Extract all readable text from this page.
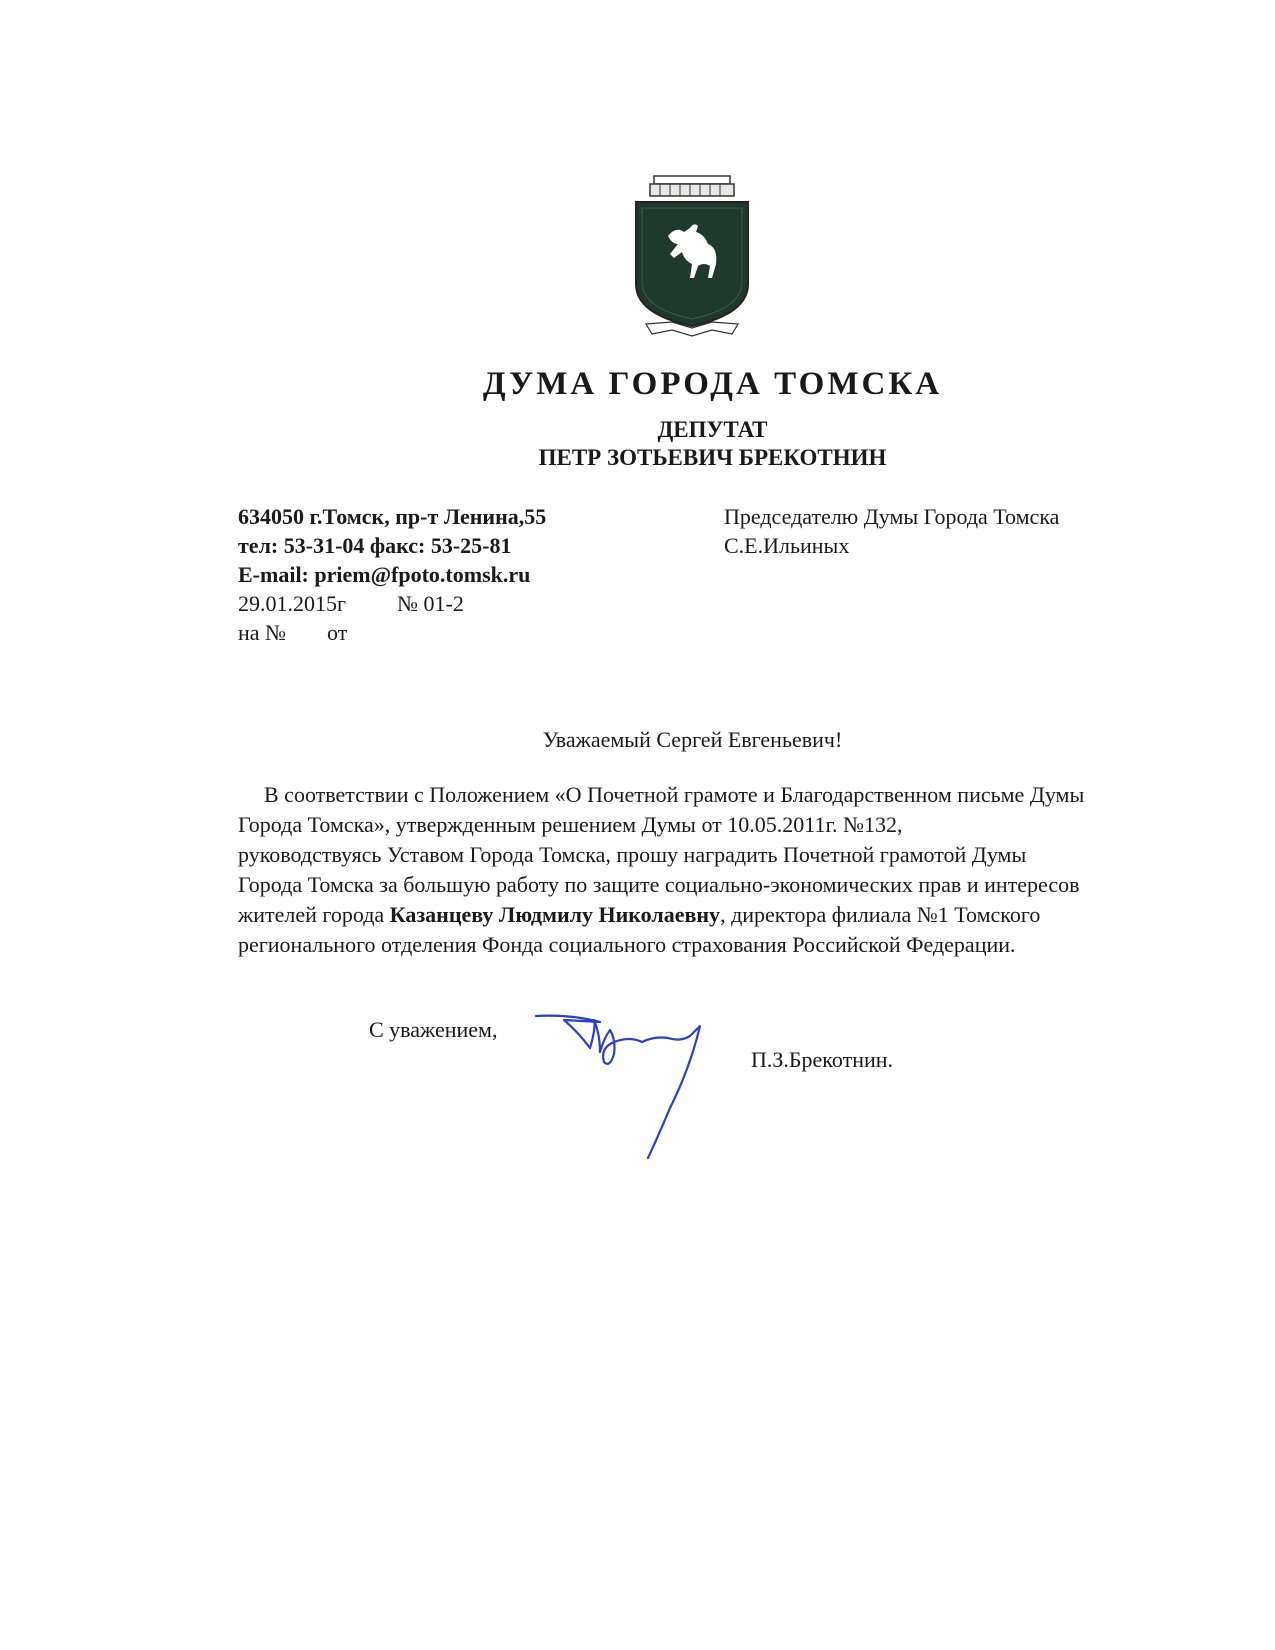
ДУМА ГОРОДА ТОМСКА
ДЕПУТАТ
ПЕТР ЗОТЬЕВИЧ БРЕКОТНИН
634050 г.Томск, пр-т Ленина,55
тел: 53-31-04 факс: 53-25-81
E-mail: priem@fpoto.tomsk.ru
29.01.2015г № 01-2
на № от
Председателю Думы Города Томска
С.Е.Ильиных
Уважаемый Сергей Евгеньевич!
В соответствии с Положением «О Почетной грамоте и Благодарственном письме Думы
Города Томска», утвержденным решением Думы от 10.05.2011г. №132,
руководствуясь Уставом Города Томска, прошу наградить Почетной грамотой Думы
Города Томска за большую работу по защите социально-экономических прав и интересов
жителей города Казанцеву Людмилу Николаевну, директора филиала №1 Томского
регионального отделения Фонда социального страхования Российской Федерации.
С уважением,
П.З.Брекотнин.
